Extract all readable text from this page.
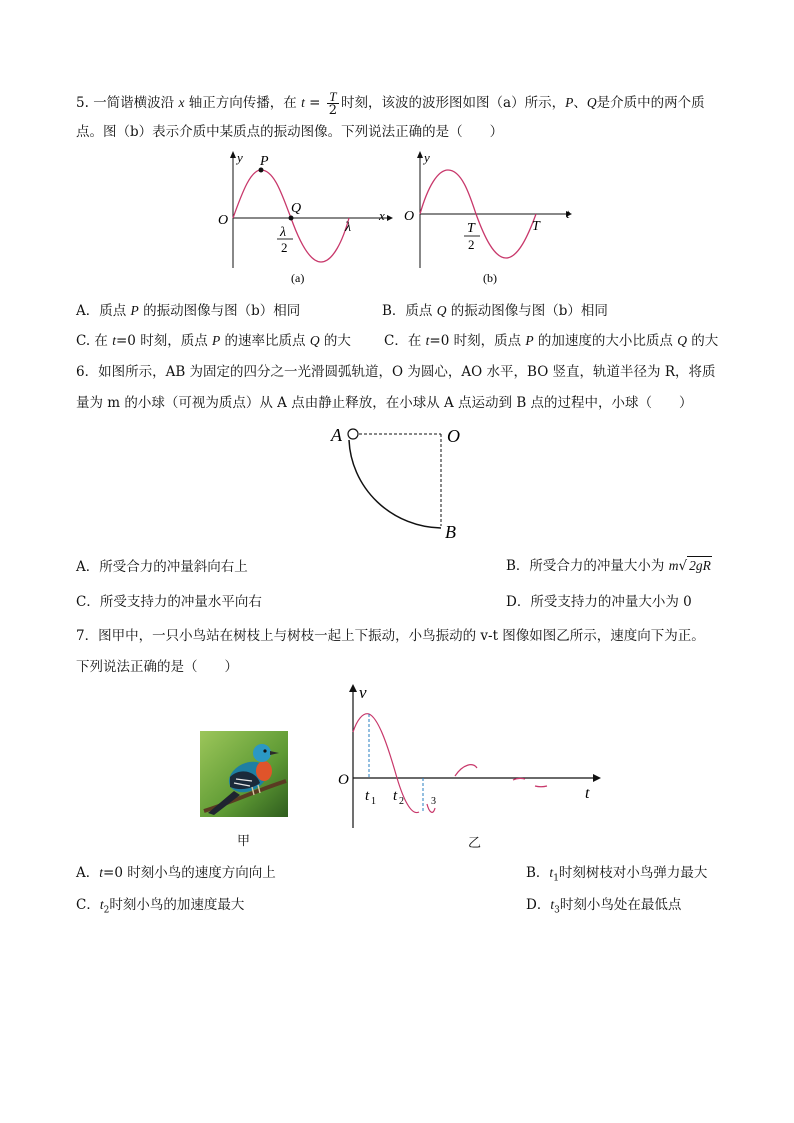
5. 一简谐横波沿 x 轴正方向传播，在 $t = \frac{T}{2}$ 时刻，该波的波形图如图（a）所示，P、Q是介质中的两个质
点。图（b）表示介质中某质点的振动图像。下列说法正确的是（　　）
y P
O
Q	x
λ
2
λ
(a)
y
O	t
T
2
T
(b)
A．质点 P 的振动图像与图（b）相同	B．质点 Q 的振动图像与图（b）相同
C. 在 t=0 时刻，质点 P 的速率比质点 Q 的大 C．在 t=0 时刻，质点 P 的加速度的大小比质点 Q 的大
6．如图所示，AB 为固定的四分之一光滑圆弧轨道，O 为圆心，AO 水平，BO 竖直，轨道半径为 R，将质
量为 m 的小球（可视为质点）从 A 点由静止释放，在小球从 A 点运动到 B 点的过程中，小球（　　）
A	O
B
A．所受合力的冲量斜向右上	B．所受合力的冲量大小为 m√ 2gR
C．所受支持力的冲量水平向右	D．所受支持力的冲量大小为 0
7．图甲中，一只小鸟站在树枝上与树枝一起上下振动，小鸟振动的 v-t 图像如图乙所示，速度向下为正。
下列说法正确的是（　　）
甲
v
O
t
t 1 t 2	3
乙
A．t=0 时刻小鸟的速度方向向上	B．$t_1$时刻树枝对小鸟弹力最大
C．$t_2$时刻小鸟的加速度最大	D．$t_3$时刻小鸟处在最低点
